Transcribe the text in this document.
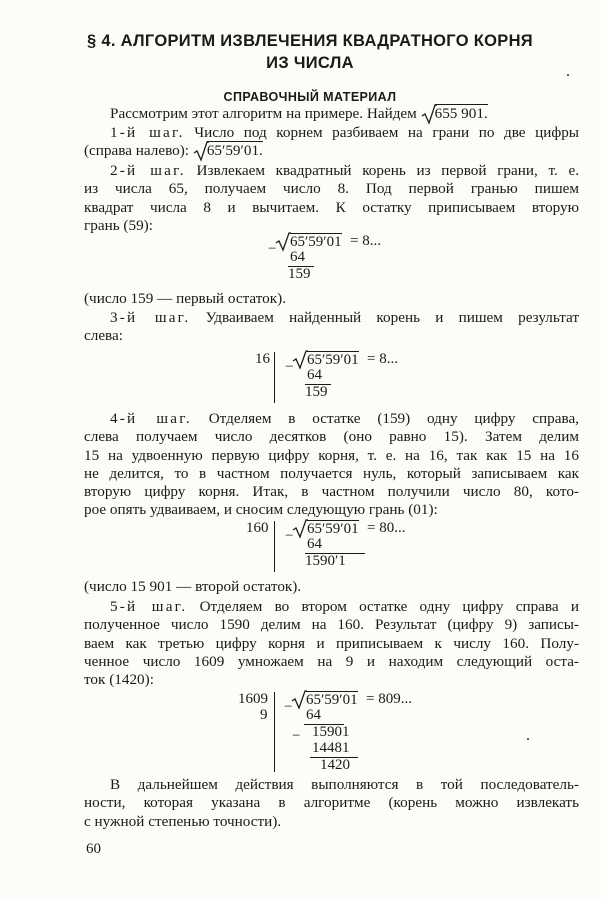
§ 4. АЛГОРИТМ ИЗВЛЕЧЕНИЯ КВАДРАТНОГО КОРНЯ
ИЗ ЧИСЛА
СПРАВОЧНЫЙ МАТЕРИАЛ
Рассмотрим этот алгоритм на примере. Найдем 655 901.
1-й шаг. Число под корнем разбиваем на грани по две цифры
(справа налево): 65′59′01.
2-й шаг. Извлекаем квадратный корень из первой грани, т. е.
из числа 65, получаем число 8. Под первой гранью пишем
квадрат числа 8 и вычитаем. К остатку приписываем вторую
грань (59):
− 65′59′01 = 8...
64
159
(число 159 — первый остаток).
3-й шаг. Удваиваем найденный корень и пишем результат
слева:
16 − 65′59′01 = 8...
64
159
4-й шаг. Отделяем в остатке (159) одну цифру справа,
слева получаем число десятков (оно равно 15). Затем делим
15 на удвоенную первую цифру корня, т. е. на 16, так как 15 на 16
не делится, то в частном получается нуль, который записываем как
вторую цифру корня. Итак, в частном получили число 80, кото-
рое опять удваиваем, и сносим следующую грань (01):
160 − 65′59′01 = 80...
64
1590′1
(число 15 901 — второй остаток).
5-й шаг. Отделяем во втором остатке одну цифру справа и
полученное число 1590 делим на 160. Результат (цифру 9) записы-
ваем как третью цифру корня и приписываем к числу 160. Полу-
ченное число 1609 умножаем на 9 и находим следующий оста-
ток (1420):
1609
9 − 65′59′01 = 809...
64
− 15901
14481
1420
В дальнейшем действия выполняются в той последователь-
ности, которая указана в алгоритме (корень можно извлекать
с нужной степенью точности).
60
